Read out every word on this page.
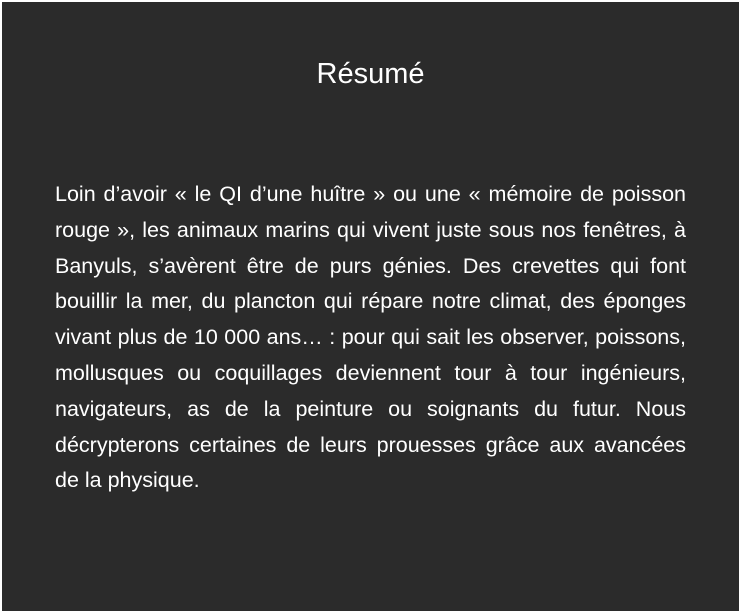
Résumé

Loin d’avoir « le QI d’une huître » ou une « mémoire de poisson rouge », les animaux marins qui vivent juste sous nos fenêtres, à Banyuls, s’avèrent être de purs génies. Des crevettes qui font bouillir la mer, du plancton qui répare notre climat, des éponges vivant plus de 10 000 ans… : pour qui sait les observer, poissons, mollusques ou coquillages deviennent tour à tour ingénieurs, navigateurs, as de la peinture ou soignants du futur. Nous décrypterons certaines de leurs prouesses grâce aux avancées de la physique.
